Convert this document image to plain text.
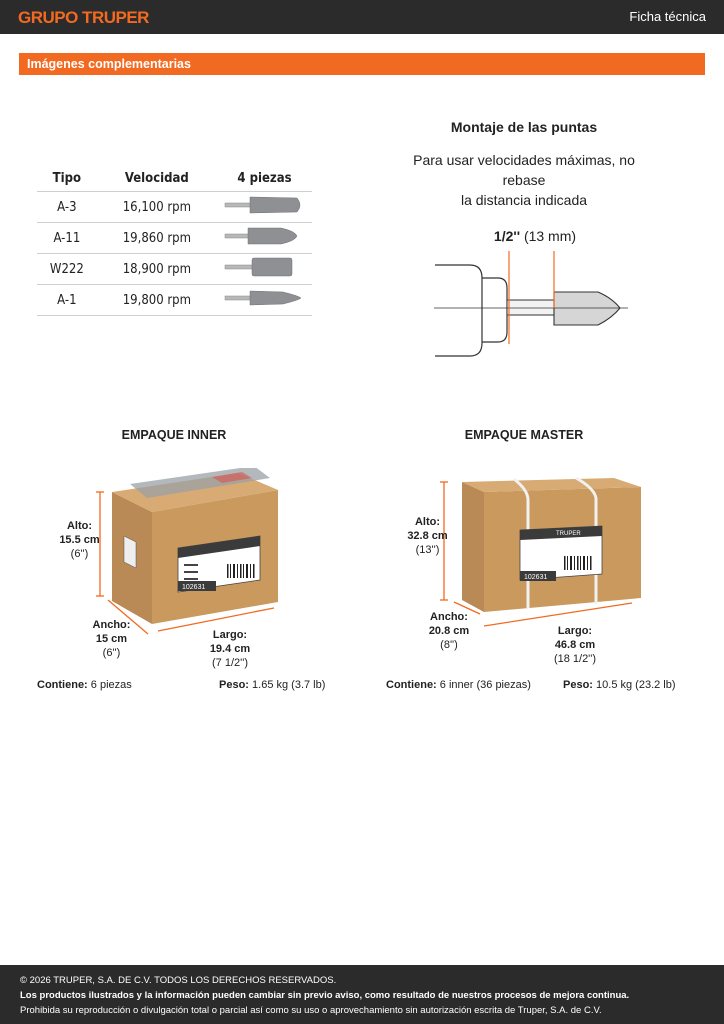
GRUPO TRUPER	Ficha técnica
Imágenes complementarias
Tipo	Velocidad	4 piezas
A-3	16,100 rpm	
A-11	19,860 rpm	
W222	18,900 rpm	
A-1	19,800 rpm	
Montaje de las puntas
Para usar velocidades máximas, no rebase
la distancia indicada
1/2'' (13 mm)
EMPAQUE INNER
102631
Alto:
15.5 cm
(6'')
Ancho:
15 cm
(6'')
Largo:
19.4 cm
(7 1/2'')
Contiene: 6 piezas	Peso: 1.65 kg (3.7 lb)
EMPAQUE MASTER
TRUPER
102631
Alto:
32.8 cm
(13'')
Ancho:
20.8 cm
(8'')
Largo:
46.8 cm
(18 1/2'')
Contiene: 6 inner (36 piezas)	Peso: 10.5 kg (23.2 lb)
© 2026 TRUPER, S.A. DE C.V. TODOS LOS DERECHOS RESERVADOS.
Los productos ilustrados y la información pueden cambiar sin previo aviso, como resultado de nuestros procesos de mejora continua.
Prohibida su reproducción o divulgación total o parcial así como su uso o aprovechamiento sin autorización escrita de Truper, S.A. de C.V.
